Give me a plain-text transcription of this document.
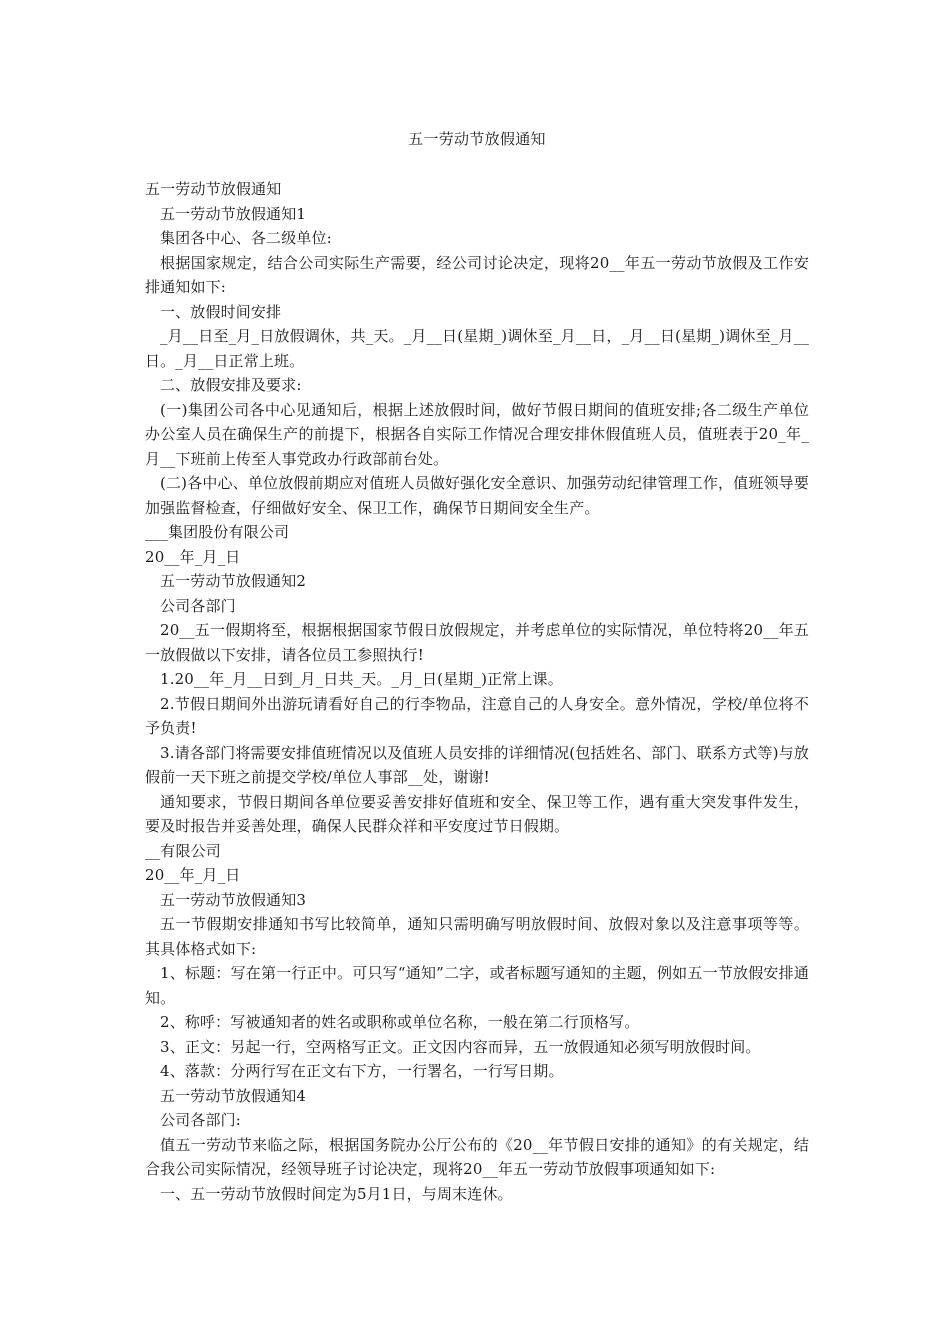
五一劳动节放假通知

五一劳动节放假通知

五一劳动节放假通知1

集团各中心、各二级单位:

根据国家规定，结合公司实际生产需要，经公司讨论决定，现将20__年五一劳动节放假及工作安排通知如下:

一、放假时间安排

_月__日至_月_日放假调休，共_天。_月__日(星期_)调休至_月__日，_月__日(星期_)调休至_月__日。_月__日正常上班。

二、放假安排及要求:

(一)集团公司各中心见通知后，根据上述放假时间，做好节假日期间的值班安排;各二级生产单位办公室人员在确保生产的前提下，根据各自实际工作情况合理安排休假值班人员，值班表于20_年_月__下班前上传至人事党政办行政部前台处。

(二)各中心、单位放假前期应对值班人员做好强化安全意识、加强劳动纪律管理工作，值班领导要加强监督检查，仔细做好安全、保卫工作，确保节日期间安全生产。

___集团股份有限公司

20__年_月_日

五一劳动节放假通知2

公司各部门

20__五一假期将至，根据根据国家节假日放假规定，并考虑单位的实际情况，单位特将20__年五一放假做以下安排，请各位员工参照执行!

1.20__年_月__日到_月_日共_天。_月_日(星期_)正常上课。

2.节假日期间外出游玩请看好自己的行李物品，注意自己的人身安全。意外情况，学校/单位将不予负责!

3.请各部门将需要安排值班情况以及值班人员安排的详细情况(包括姓名、部门、联系方式等)与放假前一天下班之前提交学校/单位人事部__处，谢谢!

通知要求，节假日期间各单位要妥善安排好值班和安全、保卫等工作，遇有重大突发事件发生，要及时报告并妥善处理，确保人民群众祥和平安度过节日假期。

__有限公司

20__年_月_日

五一劳动节放假通知3

五一节假期安排通知书写比较简单，通知只需明确写明放假时间、放假对象以及注意事项等等。其具体格式如下:

1、标题：写在第一行正中。可只写“通知”二字，或者标题写通知的主题，例如五一节放假安排通知。

2、称呼：写被通知者的姓名或职称或单位名称，一般在第二行顶格写。

3、正文：另起一行，空两格写正文。正文因内容而异，五一放假通知必须写明放假时间。

4、落款：分两行写在正文右下方，一行署名，一行写日期。

五一劳动节放假通知4

公司各部门:

值五一劳动节来临之际，根据国务院办公厅公布的《20__年节假日安排的通知》的有关规定，结合我公司实际情况，经领导班子讨论决定，现将20__年五一劳动节放假事项通知如下:

一、五一劳动节放假时间定为5月1日，与周末连休。
